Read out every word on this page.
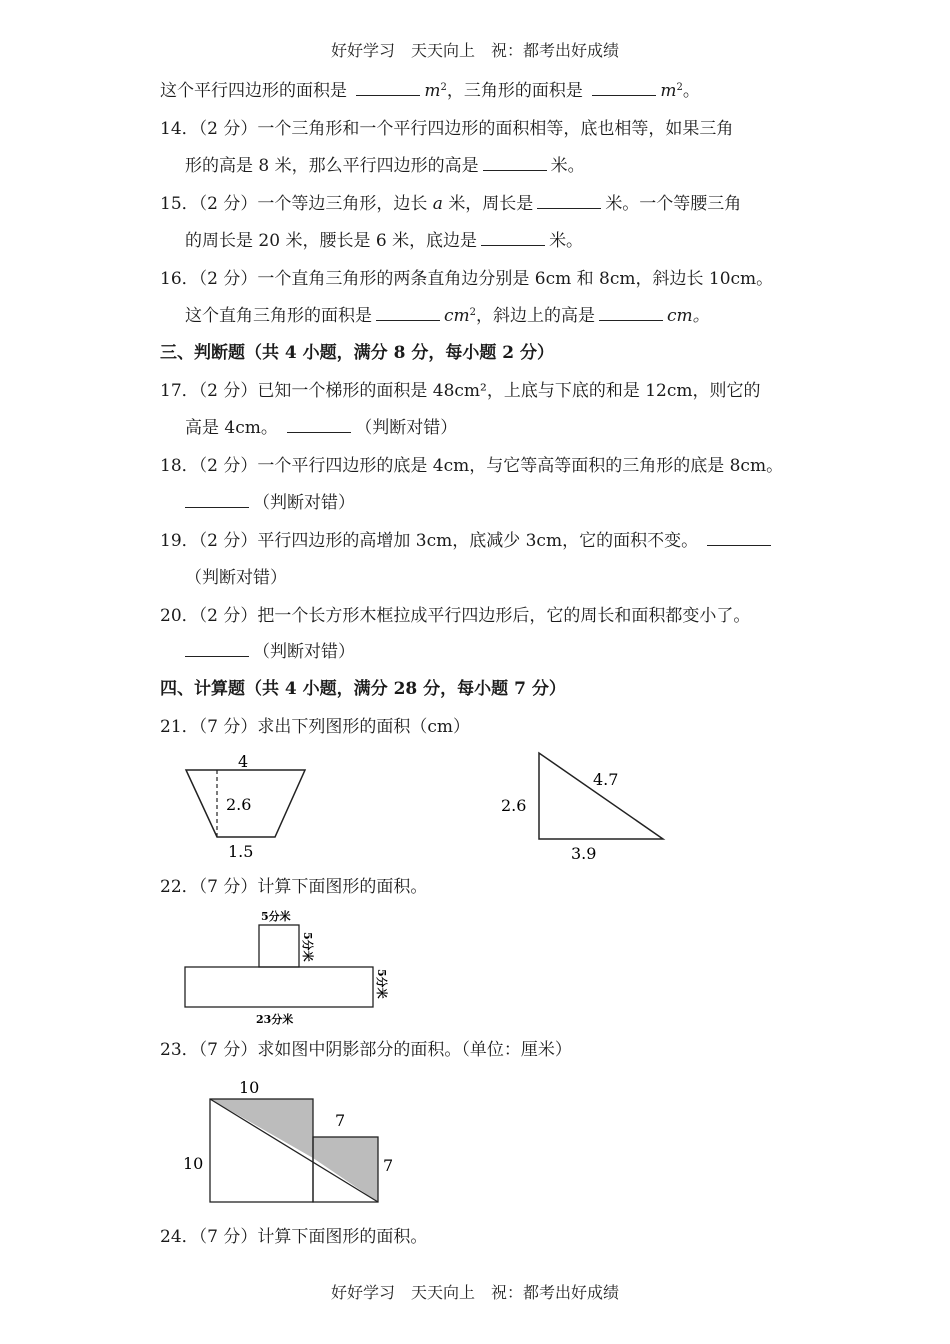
好好学习　天天向上　祝：都考出好成绩
这个平行四边形的面积是	$m^2$，三角形的面积是	$m^2$。
14．（2 分）一个三角形和一个平行四边形的面积相等，底也相等，如果三角
形的高是 8 米，那么平行四边形的高是	米。
15．（2 分）一个等边三角形，边长 a 米，周长是	米。一个等腰三角
的周长是 20 米，腰长是 6 米，底边是	米。
16．（2 分）一个直角三角形的两条直角边分别是 6cm 和 8cm，斜边长 10cm。
这个直角三角形的面积是	$cm^2$，斜边上的高是	cm。
三、判断题（共 4 小题，满分 8 分，每小题 2 分）
17．（2 分）已知一个梯形的面积是 48cm²，上底与下底的和是 12cm，则它的
高是 4cm。	（判断对错）
18．（2 分）一个平行四边形的底是 4cm，与它等高等面积的三角形的底是 8cm。
（判断对错）
19．（2 分）平行四边形的高增加 3cm，底减少 3cm，它的面积不变。
（判断对错）
20．（2 分）把一个长方形木框拉成平行四边形后，它的周长和面积都变小了。
（判断对错）
四、计算题（共 4 小题，满分 28 分，每小题 7 分）
21．（7 分）求出下列图形的面积（cm）
4
2.6
1.5
2.6
4.7
3.9
22．（7 分）计算下面图形的面积。
5分米
5分米
5分米
23分米
23．（7 分）求如图中阴影部分的面积。（单位：厘米）
10
10
7
7
24．（7 分）计算下面图形的面积。
好好学习　天天向上　祝：都考出好成绩
